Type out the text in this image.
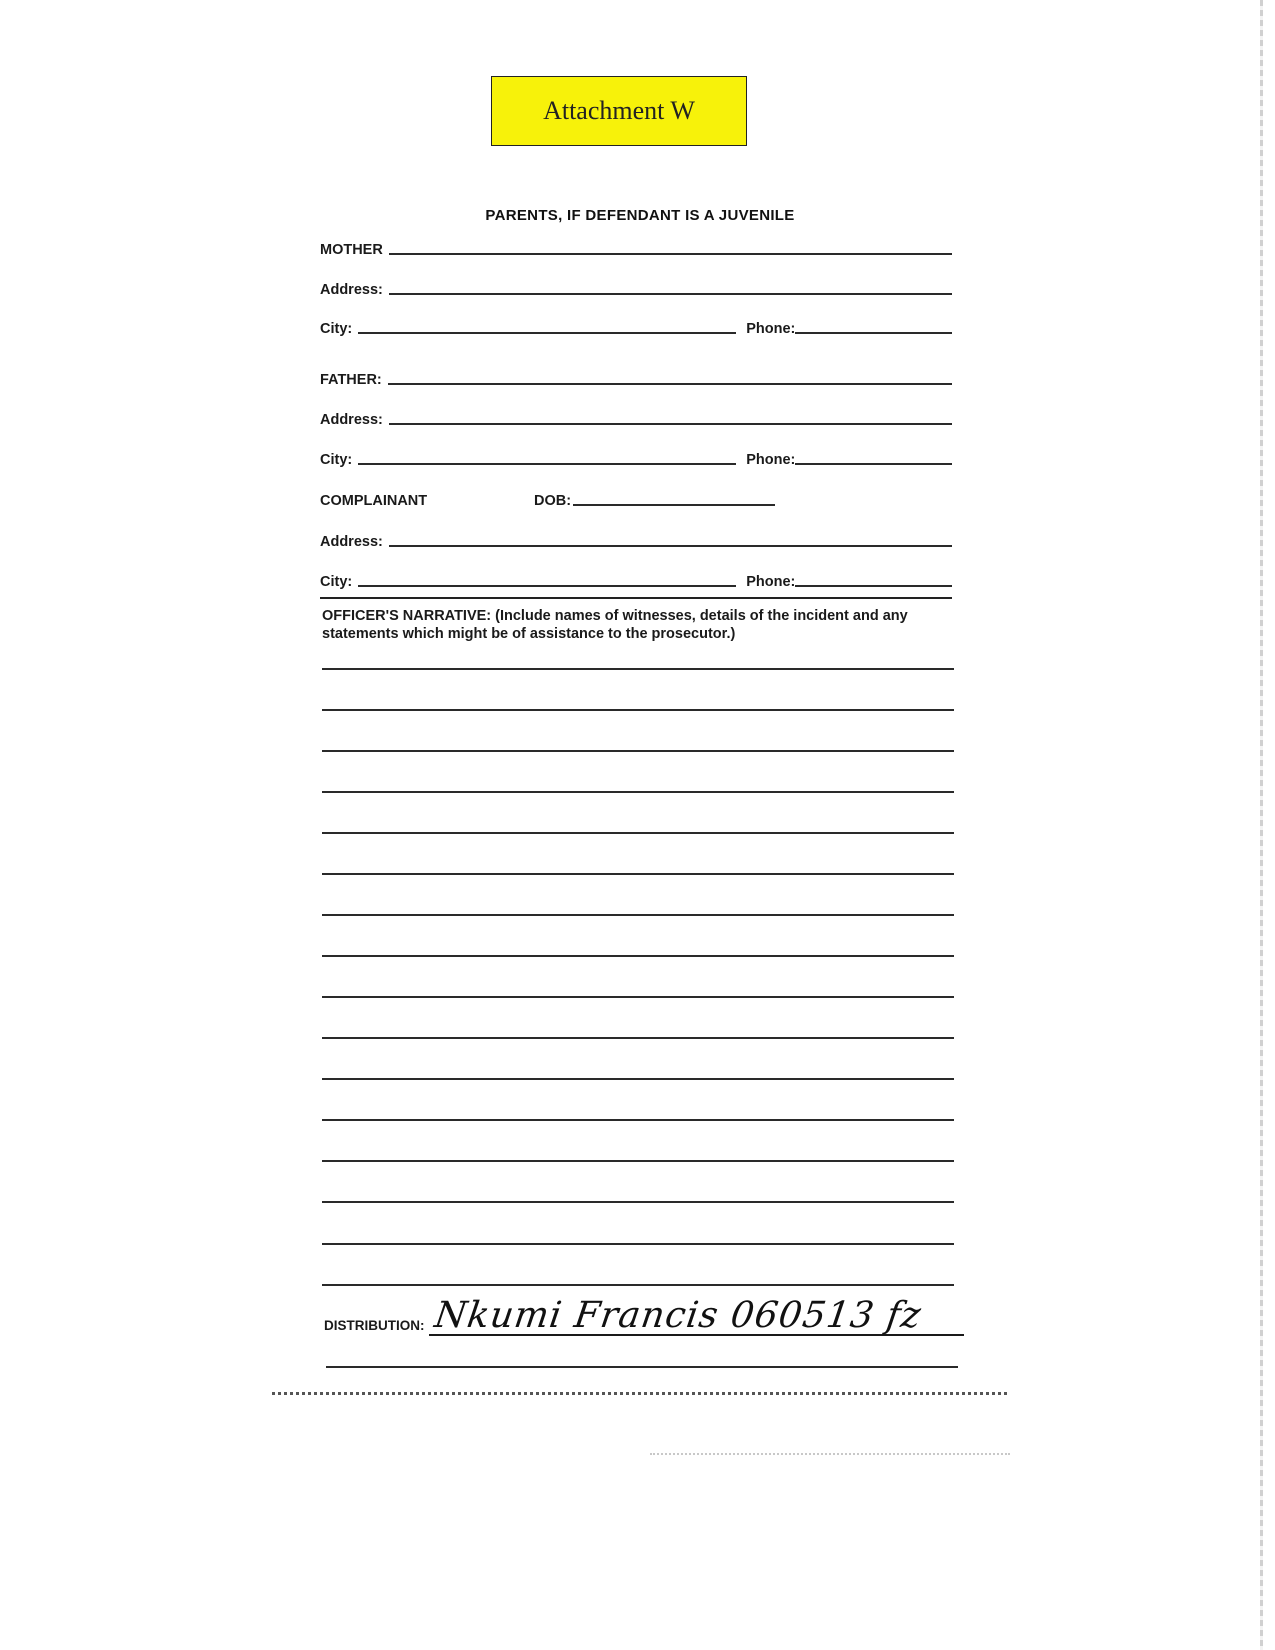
Attachment W
PARENTS, IF DEFENDANT IS A JUVENILE
MOTHER
Address:
City:	Phone:
FATHER:
Address:
City:	Phone:
COMPLAINANT	DOB:
Address:
City:	Phone:
OFFICER'S NARRATIVE: (Include names of witnesses, details of the incident and any statements which might be of assistance to the prosecutor.)
DISTRIBUTION: Nkumi Francis 060513 fz
